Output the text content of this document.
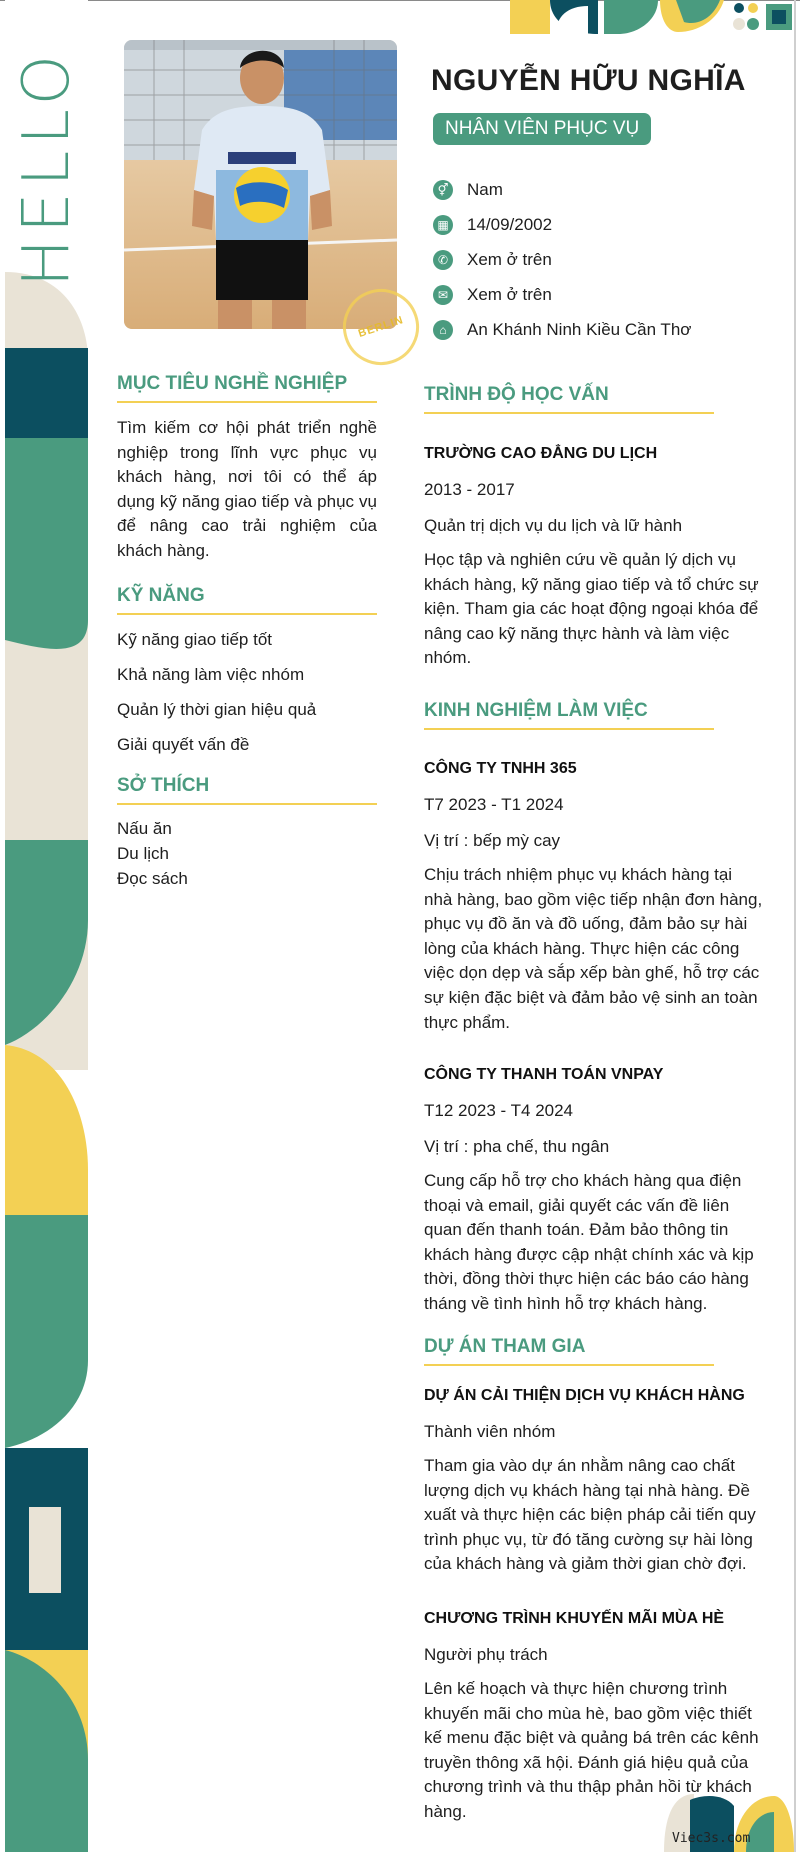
HELLO
BERLIN
NGUYỄN HỮU NGHĨA
NHÂN VIÊN PHỤC VỤ
⚥ Nam
▦ 14/09/2002
✆ Xem ở trên
✉ Xem ở trên
⌂	An Khánh Ninh Kiều Cần Thơ
MỤC TIÊU NGHỀ NGHIỆP
Tìm kiếm cơ hội phát triển nghề nghiệp trong lĩnh vực phục vụ khách hàng, nơi tôi có thể áp dụng kỹ năng giao tiếp và phục vụ để nâng cao trải nghiệm của khách hàng.
KỸ NĂNG
Kỹ năng giao tiếp tốt
Khả năng làm việc nhóm
Quản lý thời gian hiệu quả
Giải quyết vấn đề
SỞ THÍCH
Nấu ăn
Du lịch
Đọc sách
TRÌNH ĐỘ HỌC VẤN
TRƯỜNG CAO ĐẲNG DU LỊCH
2013 - 2017
Quản trị dịch vụ du lịch và lữ hành
Học tập và nghiên cứu về quản lý dịch vụ khách hàng, kỹ năng giao tiếp và tổ chức sự kiện. Tham gia các hoạt động ngoại khóa để nâng cao kỹ năng thực hành và làm việc nhóm.
KINH NGHIỆM LÀM VIỆC
CÔNG TY TNHH 365
T7 2023 - T1 2024
Vị trí : bếp mỳ cay
Chịu trách nhiệm phục vụ khách hàng tại nhà hàng, bao gồm việc tiếp nhận đơn hàng, phục vụ đồ ăn và đồ uống, đảm bảo sự hài lòng của khách hàng. Thực hiện các công việc dọn dẹp và sắp xếp bàn ghế, hỗ trợ các sự kiện đặc biệt và đảm bảo vệ sinh an toàn thực phẩm.
CÔNG TY THANH TOÁN VNPAY
T12 2023 - T4 2024
Vị trí : pha chế, thu ngân
Cung cấp hỗ trợ cho khách hàng qua điện thoại và email, giải quyết các vấn đề liên quan đến thanh toán. Đảm bảo thông tin khách hàng được cập nhật chính xác và kịp thời, đồng thời thực hiện các báo cáo hàng tháng về tình hình hỗ trợ khách hàng.
DỰ ÁN THAM GIA
DỰ ÁN CẢI THIỆN DỊCH VỤ KHÁCH HÀNG
Thành viên nhóm
Tham gia vào dự án nhằm nâng cao chất lượng dịch vụ khách hàng tại nhà hàng. Đề xuất và thực hiện các biện pháp cải tiến quy trình phục vụ, từ đó tăng cường sự hài lòng của khách hàng và giảm thời gian chờ đợi.
CHƯƠNG TRÌNH KHUYẾN MÃI MÙA HÈ
Người phụ trách
Lên kế hoạch và thực hiện chương trình khuyến mãi cho mùa hè, bao gồm việc thiết kế menu đặc biệt và quảng bá trên các kênh truyền thông xã hội. Đánh giá hiệu quả của chương trình và thu thập phản hồi từ khách hàng.
Viec3s.com
